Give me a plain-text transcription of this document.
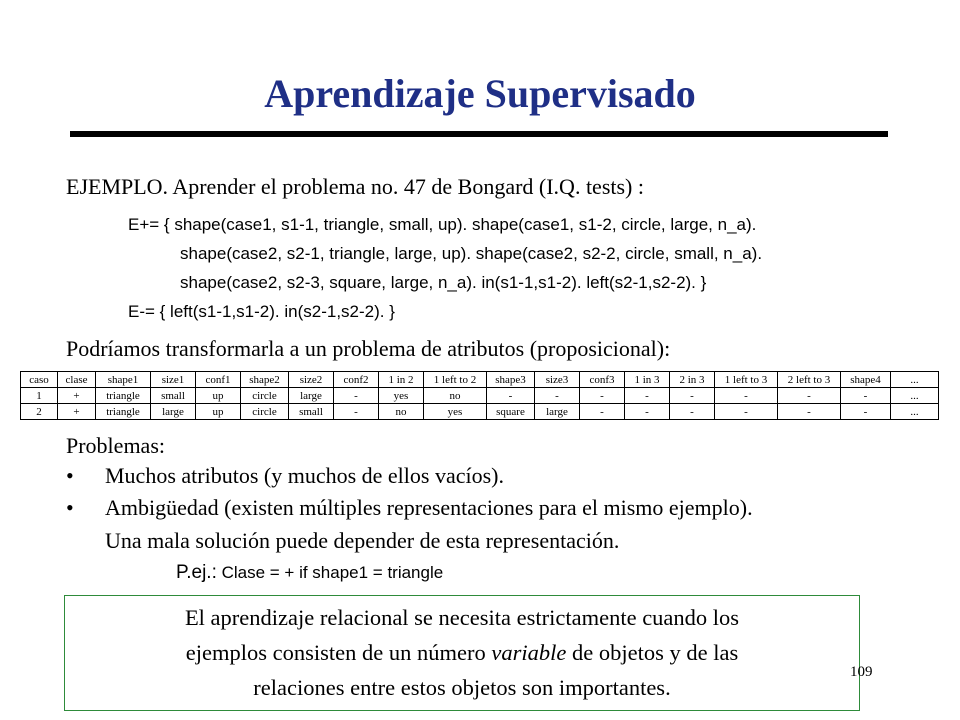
Aprendizaje Supervisado
EJEMPLO. Aprender el problema no. 47 de Bongard (I.Q. tests) :
E+= { shape(case1, s1-1, triangle, small, up). shape(case1, s1-2, circle, large, n_a).
shape(case2, s2-1, triangle, large, up). shape(case2, s2-2, circle, small, n_a).
shape(case2, s2-3, square, large, n_a). in(s1-1,s1-2). left(s2-1,s2-2). }
E-= { left(s1-1,s1-2). in(s2-1,s2-2). }
Podríamos transformarla a un problema de atributos (proposicional):
caso	clase	shape1	size1	conf1	shape2	size2	conf2	1 in 2	1 left to 2	shape3	size3	conf3	1 in 3	2 in 3	1 left to 3	2 left to 3	shape4	...
1	+	triangle	small	up	circle	large	-	yes	no	-	-	-	-	-	-	-	-	...
2	+	triangle	large	up	circle	small	-	no	yes	square	large	-	-	-	-	-	-	...
Problemas:
• Muchos atributos (y muchos de ellos vacíos).
• Ambigüedad (existen múltiples representaciones para el mismo ejemplo).
Una mala solución puede depender de esta representación.
P.ej.: Clase = + if shape1 = triangle
El aprendizaje relacional se necesita estrictamente cuando los
ejemplos consisten de un número variable de objetos y de las
relaciones entre estos objetos son importantes.
109
